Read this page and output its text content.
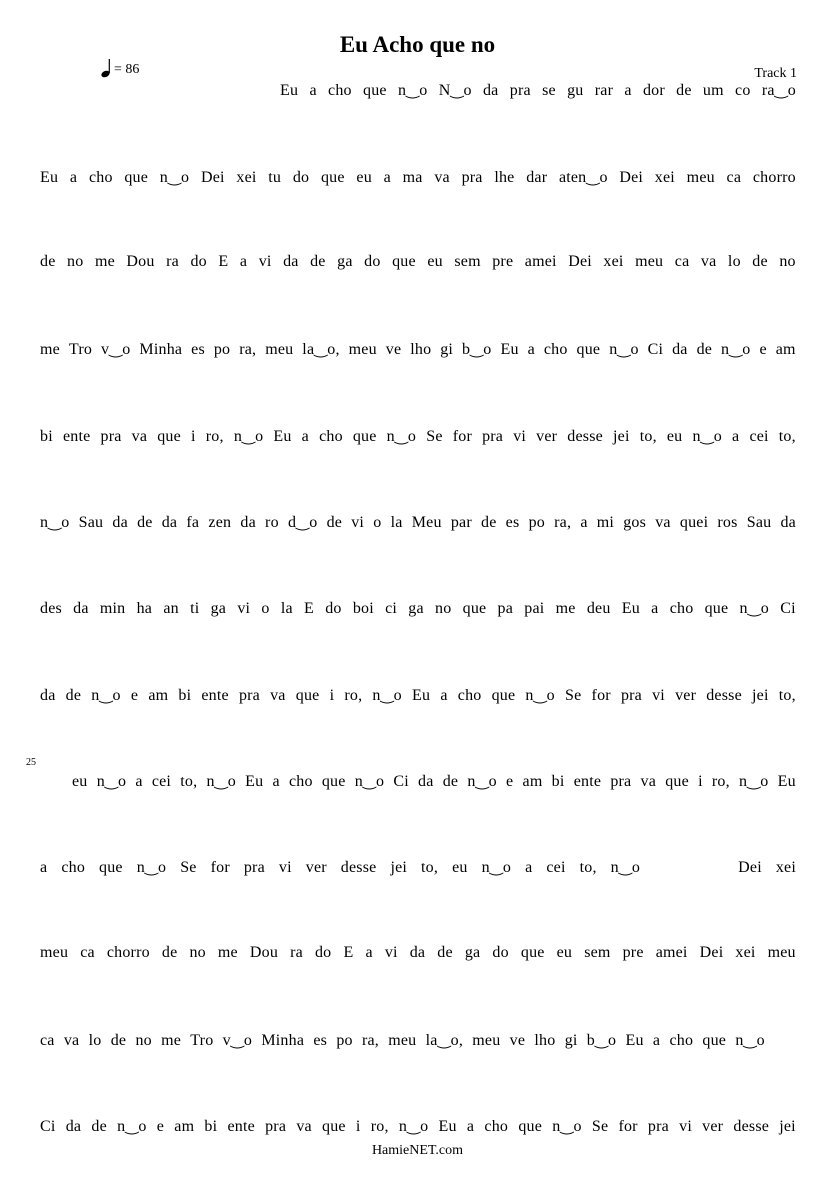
Eu Acho que no
= 86	Track 1
25
Eu a cho que n‿o N‿o da pra se gu rar a dor de um co ra‿o
Eu a cho que n‿o Dei xei tu do que eu a ma va pra lhe dar aten‿o Dei xei meu ca chorro
de no me Dou ra do E a vi da de ga do que eu sem pre amei Dei xei meu ca va lo de no
me Tro v‿o Minha es po ra, meu la‿o, meu ve lho gi b‿o Eu a cho que n‿o Ci da de n‿o e am
bi ente pra va que i ro, n‿o Eu a cho que n‿o Se for pra vi ver desse jei to, eu n‿o a cei to,
n‿o Sau da de da fa zen da ro d‿o de vi o la Meu par de es po ra, a mi gos va quei ros Sau da
des da min ha an ti ga vi o la E do boi ci ga no que pa pai me deu Eu a cho que n‿o Ci
da de n‿o e am bi ente pra va que i ro, n‿o Eu a cho que n‿o Se for pra vi ver desse jei to,
eu n‿o a cei to, n‿o Eu a cho que n‿o Ci da de n‿o e am bi ente pra va que i ro, n‿o Eu
a cho que n‿o Se for pra vi ver desse jei to, eu n‿o a cei to, n‿o	Dei xei
meu ca chorro de no me Dou ra do E a vi da de ga do que eu sem pre amei Dei xei meu
ca va lo de no me Tro v‿o Minha es po ra, meu la‿o, meu ve lho gi b‿o Eu a cho que n‿o
Ci da de n‿o e am bi ente pra va que i ro, n‿o Eu a cho que n‿o Se for pra vi ver desse jei
HamieNET.com
